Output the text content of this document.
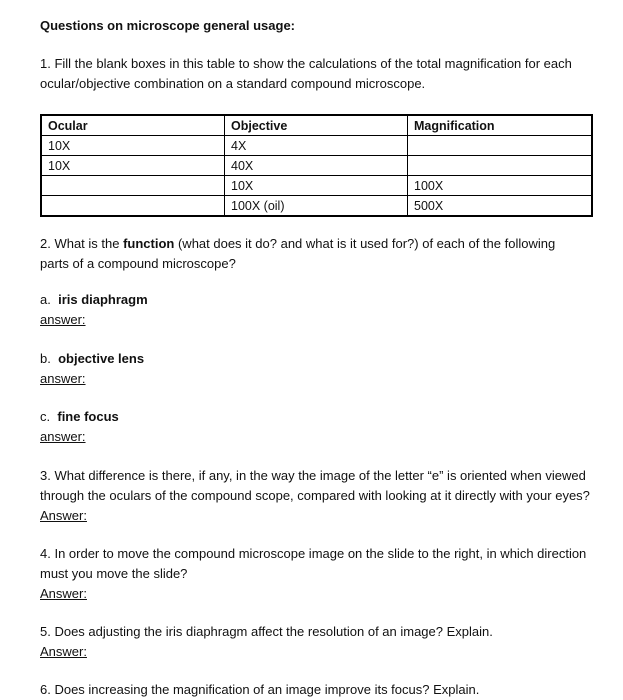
Questions on microscope general usage:
1. Fill the blank boxes in this table to show the calculations of the total magnification for each
ocular/objective combination on a standard compound microscope.
Ocular	Objective	Magnification
10X	4X	
10X	40X	
	10X	100X
	100X (oil)	500X
2. What is the function (what does it do? and what is it used for?) of each of the following
parts of a compound microscope?
a. iris diaphragm
answer:
b. objective lens
answer:
c. fine focus
answer:
3. What difference is there, if any, in the way the image of the letter “e” is oriented when viewed
through the oculars of the compound scope, compared with looking at it directly with your eyes?
Answer:
4. In order to move the compound microscope image on the slide to the right, in which direction
must you move the slide?
Answer:
5. Does adjusting the iris diaphragm affect the resolution of an image? Explain.
Answer:
6. Does increasing the magnification of an image improve its focus? Explain.
